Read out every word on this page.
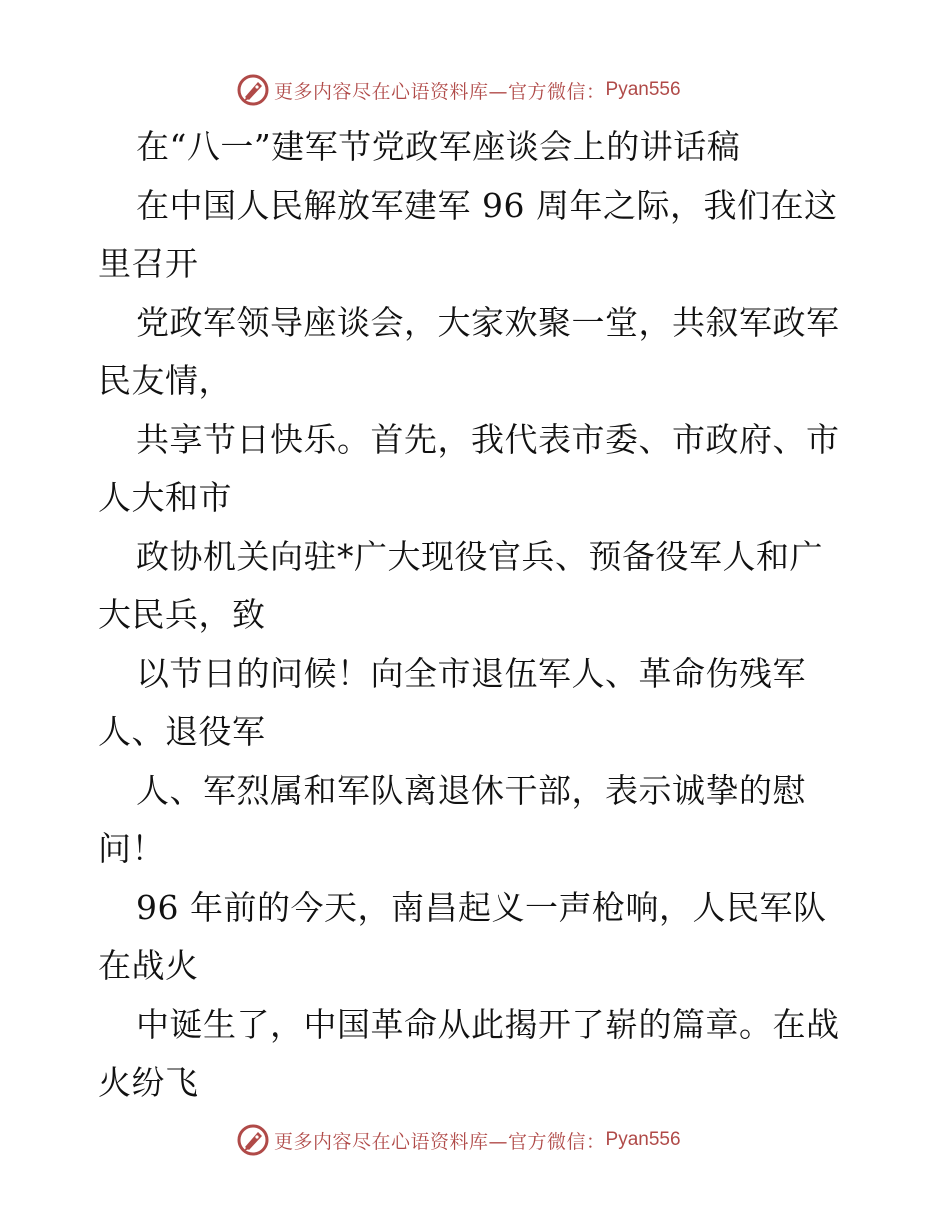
更多内容尽在心语资料库—官方微信： Pyan556
在“八一”建军节党政军座谈会上的讲话稿
在中国人民解放军建军 96 周年之际，我们在这
里召开
党政军领导座谈会，大家欢聚一堂，共叙军政军
民友情，
共享节日快乐。首先，我代表市委、市政府、市
人大和市
政协机关向驻*广大现役官兵、预备役军人和广
大民兵，致
以节日的问候！向全市退伍军人、革命伤残军
人、退役军
人、军烈属和军队离退休干部，表示诚挚的慰
问！
96 年前的今天，南昌起义一声枪响，人民军队
在战火
中诞生了，中国革命从此揭开了崭的篇章。在战
火纷飞
更多内容尽在心语资料库—官方微信： Pyan556
